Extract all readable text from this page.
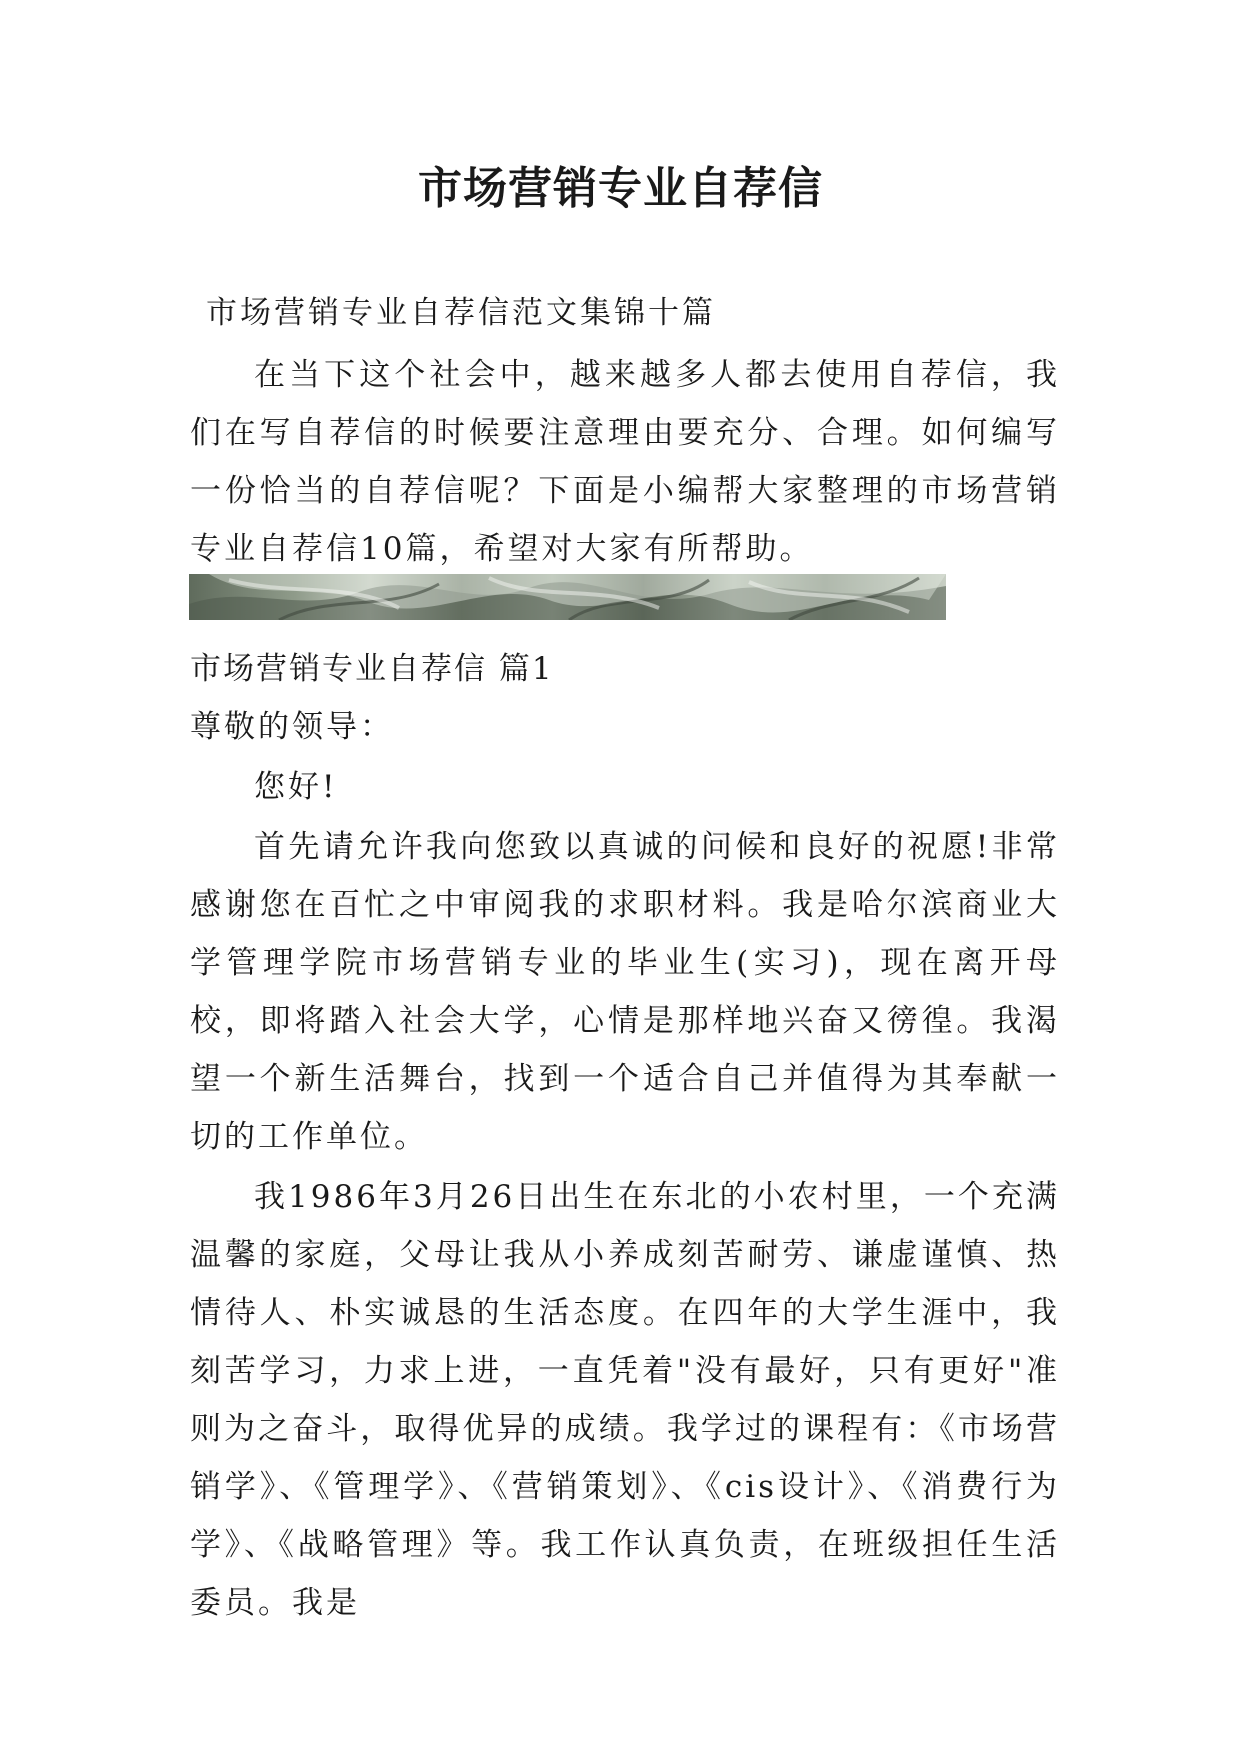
市场营销专业自荐信
市场营销专业自荐信范文集锦十篇
在当下这个社会中，越来越多人都去使用自荐信，我们在写自荐信的时候要注意理由要充分、合理。如何编写一份恰当的自荐信呢？下面是小编帮大家整理的市场营销专业自荐信10篇，希望对大家有所帮助。
市场营销专业自荐信 篇1
尊敬的领导：
您好!
首先请允许我向您致以真诚的问候和良好的祝愿!非常感谢您在百忙之中审阅我的求职材料。我是哈尔滨商业大学管理学院市场营销专业的毕业生(实习)，现在离开母校，即将踏入社会大学，心情是那样地兴奋又徬徨。我渴望一个新生活舞台，找到一个适合自己并值得为其奉献一切的工作单位。
我1986年3月26日出生在东北的小农村里，一个充满温馨的家庭，父母让我从小养成刻苦耐劳、谦虚谨慎、热情待人、朴实诚恳的生活态度。在四年的大学生涯中，我刻苦学习，力求上进，一直凭着"没有最好，只有更好"准则为之奋斗，取得优异的成绩。我学过的课程有：《市场营销学》、《管理学》、《营销策划》、《cis设计》、《消费行为学》、《战略管理》等。我工作认真负责，在班级担任生活委员。我是
